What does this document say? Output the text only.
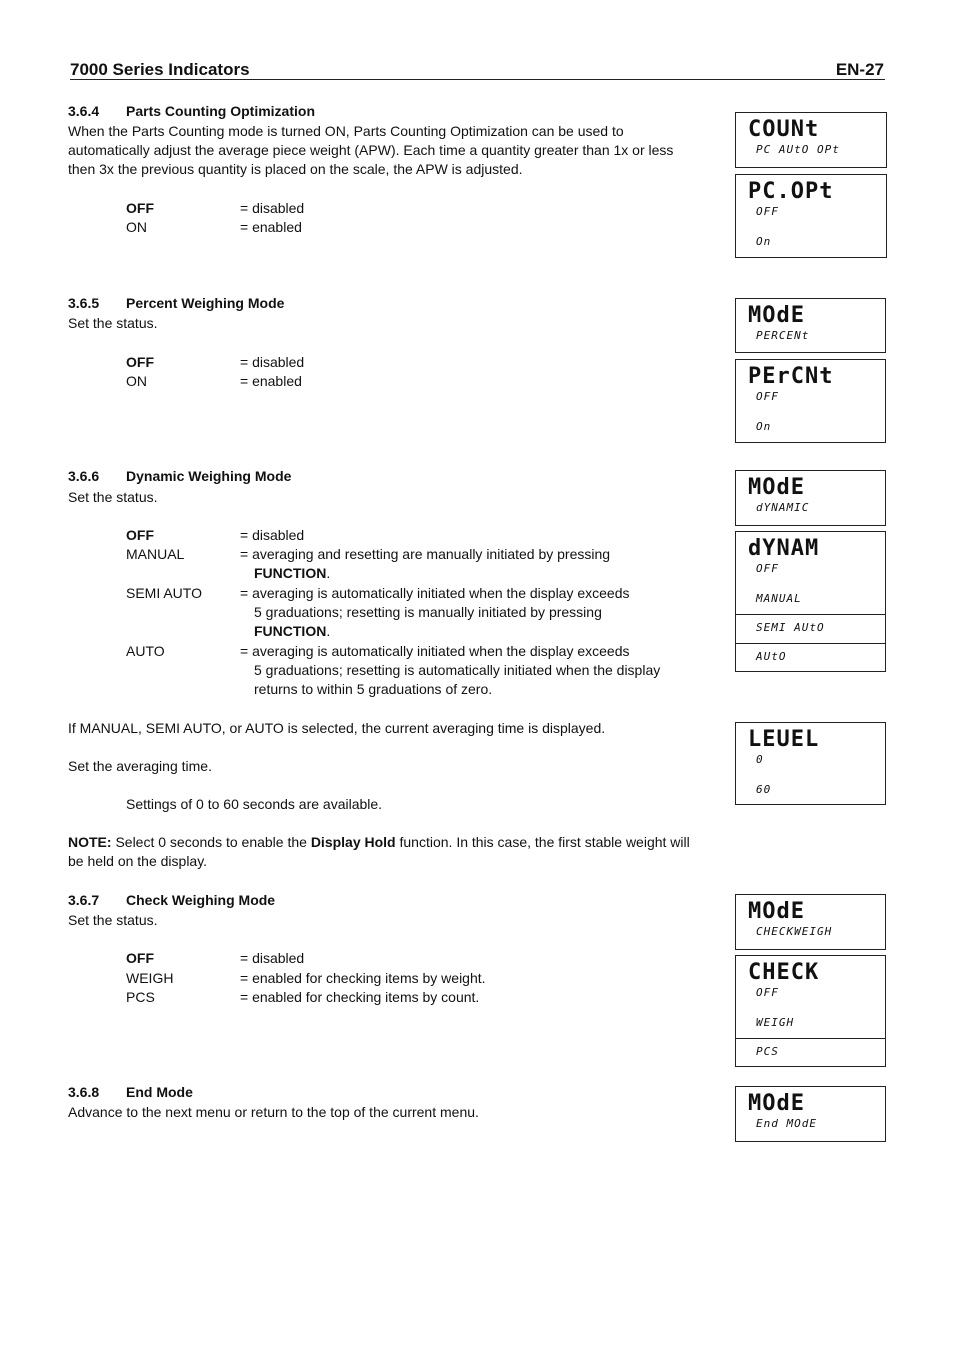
7000 Series Indicators	EN-27
3.6.4 Parts Counting Optimization
When the Parts Counting mode is turned ON, Parts Counting Optimization can be used to
automatically adjust the average piece weight (APW). Each time a quantity greater than 1x or less
then 3x the previous quantity is placed on the scale, the APW is adjusted.
OFF	= disabled
ON	= enabled
3.6.5 Percent Weighing Mode
Set the status.
OFF	= disabled
ON	= enabled
3.6.6 Dynamic Weighing Mode
Set the status.
OFF	= disabled
MANUAL	= averaging and resetting are manually initiated by pressing
FUNCTION.
SEMI AUTO	= averaging is automatically initiated when the display exceeds
5 graduations; resetting is manually initiated by pressing
FUNCTION.
AUTO	= averaging is automatically initiated when the display exceeds
5 graduations; resetting is automatically initiated when the display
returns to within 5 graduations of zero.
If MANUAL, SEMI AUTO, or AUTO is selected, the current averaging time is displayed.
Set the averaging time.
Settings of 0 to 60 seconds are available.
NOTE: Select 0 seconds to enable the Display Hold function. In this case, the first stable weight will
be held on the display.
3.6.7 Check Weighing Mode
Set the status.
OFF	= disabled
WEIGH	= enabled for checking items by weight.
PCS	= enabled for checking items by count.
3.6.8 End Mode
Advance to the next menu or return to the top of the current menu.
COUNt
PC AUtO OPt
PC.OPt
OFF
On
MOdE
PERCENt
PErCNt
OFF
On
MOdE
dYNAMIC
dYNAM
OFF
MANUAL
SEMI AUtO
AUtO
LEUEL
0
60
MOdE
CHECKWEIGH
CHECK
OFF
WEIGH
PCS
MOdE
End MOdE
